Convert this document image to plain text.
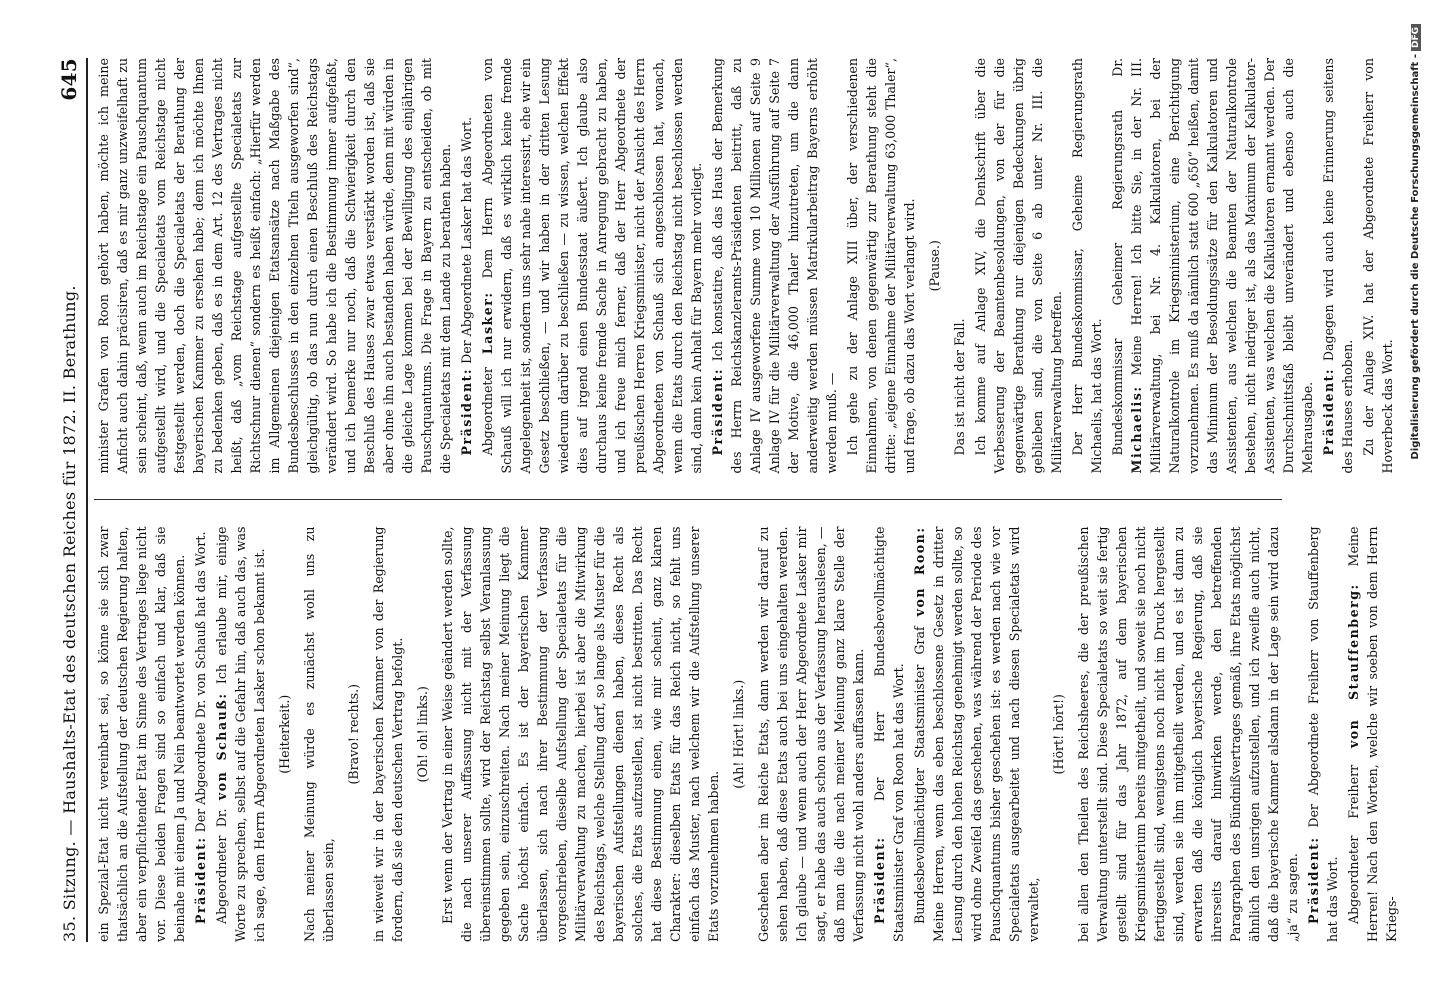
35. Sitzung. — Haushalts-Etat des deutschen Reiches für 1872. II. Berathung.
645

ein Spezial-Etat nicht vereinbart sei, so könne sie sich zwar thatsächlich an die Aufstellung der deutschen Regierung halten, aber ein verpflichtender Etat im Sinne des Vertrages liege nicht vor. Diese beiden Fragen sind so einfach und klar, daß sie beinahe mit einem Ja und Nein beantwortet werden können. Präsident: Der Abgeordnete Dr. von Schauß hat das Wort.

Abgeordneter Dr. von Schauß: Ich erlaube mir, einige Worte zu sprechen, selbst auf die Gefahr hin, daß auch das, was ich sage, dem Herrn Abgeordneten Lasker schon bekannt ist. (Heiterkeit.) Nach meiner Meinung würde es zunächst wohl uns zu überlassen sein,

(Bravo! rechts.) in wieweit wir in der bayerischen Kammer von der Regierung fordern, daß sie den deutschen Vertrag befolgt. (Oh! oh! links.) Erst wenn der Vertrag in einer Weise geändert werden sollte, die nach unserer Auffassung nicht mit der Verfassung übereinstimmen sollte, wird der Reichstag selbst Veranlassung gegeben sein, einzuschreiten. Nach meiner Meinung liegt die Sache höchst einfach. Es ist der bayerischen Kammer überlassen, sich nach ihrer Bestimmung der Verfassung vorgeschrieben, dieselbe Aufstellung der Specialetats für die Militärverwaltung zu machen, hierbei ist aber die Mitwirkung des Reichstags, welche Stellung darf, so lange als Muster für die bayerischen Aufstellungen dienen haben, dieses Recht als solches, die Etats aufzustellen, ist nicht bestritten. Das Recht hat diese Bestimmung einen, wie mir scheint, ganz klaren Charakter: dieselben Etats für das Reich nicht, so fehlt uns einfach das Muster, nach welchem wir die Aufstellung unserer Etats vorzunehmen haben.

(Ah! Hört! links.) Geschehen aber im Reiche Etats, dann werden wir darauf zu sehen haben, daß diese Etats auch bei uns eingehalten werden. Ich glaube — und wenn auch der Herr Abgeordnete Lasker mir sagt, er habe das auch schon aus der Verfassung herauslesen, — daß man die die nach meiner Meinung ganz klare Stelle der Verfassung nicht wohl anders auffassen kann. Präsident: Der Herr Bundesbevollmächtigte Staatsminister Graf von Roon hat das Wort. Bundesbevollmächtigter Staatsminister Graf von Roon: Meine Herren, wenn das eben beschlossene Gesetz in dritter Lesung durch den hohen Reichstag genehmigt werden sollte, so wird ohne Zweifel das geschehen, was während der Periode des Pauschquantums bisher geschehen ist: es werden nach wie vor Specialetats ausgearbeitet und nach diesen Specialetats wird verwaltet,

(Hört! hört!) bei allen den Theilen des Reichsheeres, die der preußischen Verwaltung unterstellt sind. Diese Specialetats so weit sie fertig gestellt sind für das Jahr 1872, auf dem bayerischen Kriegsministerium bereits mitgetheilt, und soweit sie noch nicht fertiggestellt sind, wenigstens noch nicht im Druck hergestellt sind, werden sie ihm mitgetheilt werden, und es ist dann zu erwarten daß die königlich bayerische Regierung, daß sie ihrerseits darauf hinwirken werde, den betreffenden Paragraphen des Bündnißvertrages gemäß, ihre Etats möglichst ähnlich den unsrigen aufzustellen, und ich zweifle auch nicht, daß die bayerische Kammer alsdann in der Lage sein wird dazu „ja“ zu sagen. Präsident: Der Abgeordnete Freiherr von Stauffenberg hat das Wort. Abgeordneter Freiherr von Stauffenberg: Meine Herren! Nach den Worten, welche wir soeben von dem Herrn Kriegs-

minister Grafen von Roon gehört haben, möchte ich meine Anficht auch dahin präcisiren, daß es mir ganz unzweifelhaft zu sein scheint, daß, wenn auch im Reichstage ein Pauschquantum aufgestellt wird, und die Specialetats vom Reichstage nicht festgestellt werden, doch die Specialetats der Berathung der bayerischen Kammer zu ersehen habe; denn ich möchte Ihnen zu bedenken geben, daß es in dem Art. 12 des Vertrages nicht heißt, daß „vom Reichstage aufgestellte Specialetats zur Richtschnur dienen“ sondern es heißt einfach: „Hierfür werden im Allgemeinen diejenigen Etatsansätze nach Maßgabe des Bundesbeschlusses in den einzelnen Titeln ausgeworfen sind“, gleichgültig, ob das nun durch einen Beschluß des Reichstags verändert wird. So habe ich die Bestimmung immer aufgefaßt, und ich bemerke nur noch, daß die Schwierigkeit durch den Beschluß des Hauses zwar etwas verstärkt worden ist, daß sie aber ohne ihn auch bestanden haben würde, denn mit würden in die gleiche Lage kommen bei der Bewilligung des einjährigen Pauschquantums. Die Frage in Bayern zu entscheiden, ob mit die Specialetats mit dem Lande zu berathen haben. Präsident: Der Abgeordnete Lasker hat das Wort.

Abgeordneter Lasker: Dem Herrn Abgeordneten von Schauß will ich nur erwidern, daß es wirklich keine fremde Angelegenheit ist, sondern uns sehr nahe interessirt, ehe wir ein Gesetz beschließen, — und wir haben in der dritten Lesung wiederum darüber zu beschließen — zu wissen, welchen Effekt dies auf irgend einen Bundesstaat äußert. Ich glaube also durchaus keine fremde Sache in Anregung gebracht zu haben, und ich freue mich ferner, daß der Herr Abgeordnete der preußischen Herren Kriegsminister, nicht der Ansicht des Herrn Abgeordneten von Schauß sich angeschlossen hat, wonach, wenn die Etats durch den Reichstag nicht beschlossen werden sind, dann kein Anhalt für Bayern mehr vorliegt. Präsident: Ich konstatire, daß das Haus der Bemerkung des Herrn Reichskanzleramts-Präsidenten beitritt, daß zu Anlage IV ausgeworfene Summe von 10 Millionen auf Seite 9 Anlage IV für die Militärverwaltung der Ausführung auf Seite 7 der Motive, die 46,000 Thaler hinzutreten, um die dann anderweitig werden müssen Matrikularbeitrag Bayerns erhöht werden muß. — Ich gehe zu der Anlage XIII über, der verschiedenen Einnahmen, von denen gegenwärtig zur Berathung steht die dritte: „eigene Einnahme der Militärverwaltung 63,000 Thaler“, und frage, ob dazu das Wort verlangt wird. (Pause.)

Das ist nicht der Fall. Ich komme auf Anlage XIV, die Denkschrift über die Verbesserung der Beamtenbesoldungen, von der für die gegenwärtige Berathung nur diejenigen Bedeckungen übrig geblieben sind, die von Seite 6 ab unter Nr. III. die Militärverwaltung betreffen. Der Herr Bundeskommissar, Geheime Regierungsrath Michaelis, hat das Wort. Bundeskommissar Geheimer Regierungsrath Dr. Michaelis: Meine Herren! Ich bitte Sie, in der Nr. III. Militärverwaltung, bei Nr. 4. Kalkulatoren, bei der Naturalkontrole im Kriegsministerium, eine Berichtigung vorzunehmen. Es muß da nämlich statt 600 „650“ heißen, damit das Minimum der Besoldungssätze für den Kalkulatoren und Assistenten, aus welchen die Beamten der Naturalkontrole bestehen, nicht niedriger ist, als das Maximum der Kalkulator-Assistenten, was welchen die Kalkulatoren ernannt werden. Der Durchschnittsfaß bleibt unverändert und ebenso auch die Mehrausgabe. Präsident: Dagegen wird auch keine Erinnerung seitens des Hauses erhoben. Zu der Anlage XIV. hat der Abgeordnete Freiherr von Hoverbeck das Wort. Digitalisierung gefördert durch die Deutsche Forschungsgemeinschaft -DFG
